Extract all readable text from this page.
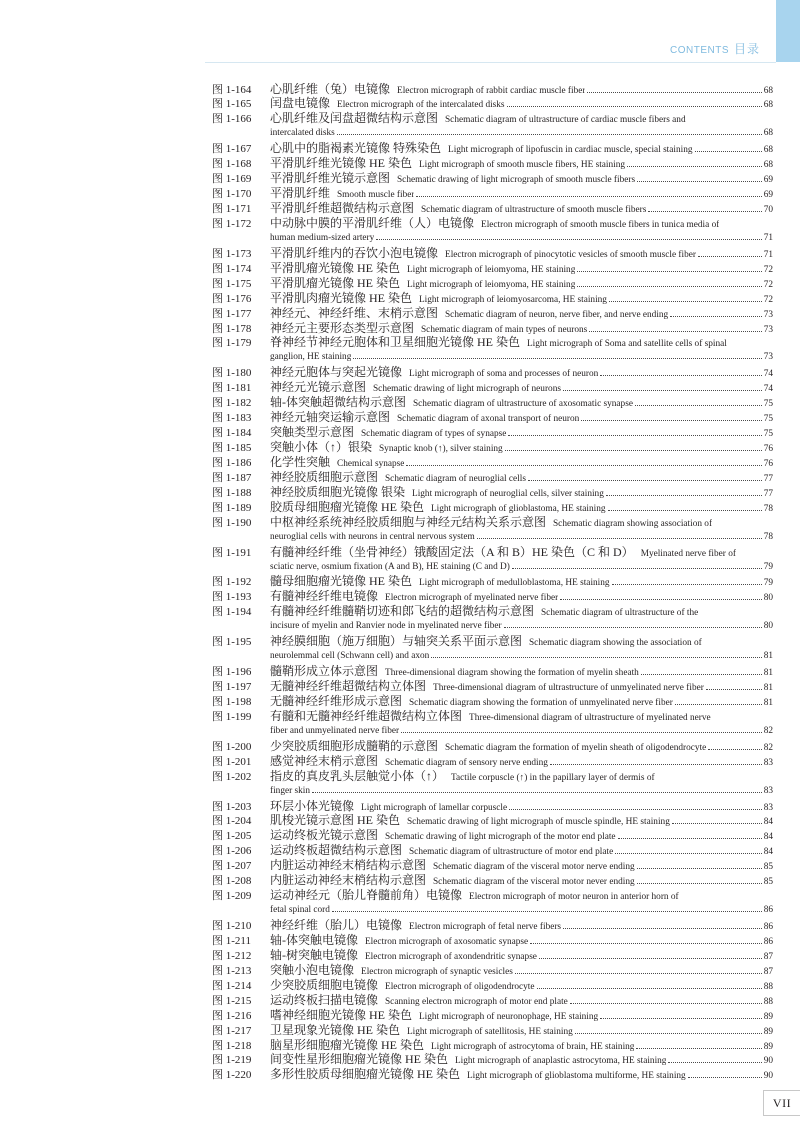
CONTENTS 目录
图 1-164	心肌纤维（兔）电镜像 Electron micrograph of rabbit cardiac muscle fiber	68
图 1-165	闰盘电镜像 Electron micrograph of the intercalated disks	68
图 1-166	心肌纤维及闰盘超微结构示意图 Schematic diagram of ultrastructure of cardiac muscle fibers and
intercalated disks	68
图 1-167	心肌中的脂褐素光镜像 特殊染色 Light micrograph of lipofuscin in cardiac muscle, special staining	68
图 1-168	平滑肌纤维光镜像 HE 染色 Light micrograph of smooth muscle fibers, HE staining	68
图 1-169	平滑肌纤维光镜示意图 Schematic drawing of light micrograph of smooth muscle fibers	69
图 1-170	平滑肌纤维 Smooth muscle fiber	69
图 1-171	平滑肌纤维超微结构示意图 Schematic diagram of ultrastructure of smooth muscle fibers	70
图 1-172	中动脉中膜的平滑肌纤维（人）电镜像 Electron micrograph of smooth muscle fibers in tunica media of
human medium-sized artery	71
图 1-173	平滑肌纤维内的吞饮小泡电镜像 Electron micrograph of pinocytotic vesicles of smooth muscle fiber	71
图 1-174	平滑肌瘤光镜像 HE 染色 Light micrograph of leiomyoma, HE staining	72
图 1-175	平滑肌瘤光镜像 HE 染色 Light micrograph of leiomyoma, HE staining	72
图 1-176	平滑肌肉瘤光镜像 HE 染色 Light micrograph of leiomyosarcoma, HE staining	72
图 1-177	神经元、神经纤维、末梢示意图 Schematic diagram of neuron, nerve fiber, and nerve ending	73
图 1-178	神经元主要形态类型示意图 Schematic diagram of main types of neurons	73
图 1-179	脊神经节神经元胞体和卫星细胞光镜像 HE 染色 Light micrograph of Soma and satellite cells of spinal
ganglion, HE staining	73
图 1-180	神经元胞体与突起光镜像 Light micrograph of soma and processes of neuron	74
图 1-181	神经元光镜示意图 Schematic drawing of light micrograph of neurons	74
图 1-182	轴-体突触超微结构示意图 Schematic diagram of ultrastructure of axosomatic synapse	75
图 1-183	神经元轴突运输示意图 Schematic diagram of axonal transport of neuron	75
图 1-184	突触类型示意图 Schematic diagram of types of synapse	75
图 1-185	突触小体（↑）银染 Synaptic knob (↑), silver staining	76
图 1-186	化学性突触 Chemical synapse	76
图 1-187	神经胶质细胞示意图 Schematic diagram of neuroglial cells	77
图 1-188	神经胶质细胞光镜像 银染 Light micrograph of neuroglial cells, silver staining	77
图 1-189	胶质母细胞瘤光镜像 HE 染色 Light micrograph of glioblastoma, HE staining	78
图 1-190	中枢神经系统神经胶质细胞与神经元结构关系示意图 Schematic diagram showing association of
neuroglial cells with neurons in central nervous system	78
图 1-191	有髓神经纤维（坐骨神经）锇酸固定法（A 和 B）HE 染色（C 和 D） Myelinated nerve fiber of
sciatic nerve, osmium fixation (A and B), HE staining (C and D)	79
图 1-192	髓母细胞瘤光镜像 HE 染色 Light micrograph of medulloblastoma, HE staining	79
图 1-193	有髓神经纤维电镜像 Electron micrograph of myelinated nerve fiber	80
图 1-194	有髓神经纤维髓鞘切迹和郎飞结的超微结构示意图 Schematic diagram of ultrastructure of the
incisure of myelin and Ranvier node in myelinated nerve fiber	80
图 1-195	神经膜细胞（施万细胞）与轴突关系平面示意图 Schematic diagram showing the association of
neurolemmal cell (Schwann cell) and axon	81
图 1-196	髓鞘形成立体示意图 Three-dimensional diagram showing the formation of myelin sheath	81
图 1-197	无髓神经纤维超微结构立体图 Three-dimensional diagram of ultrastructure of unmyelinated nerve fiber	81
图 1-198	无髓神经纤维形成示意图 Schematic diagram showing the formation of unmyelinated nerve fiber	81
图 1-199	有髓和无髓神经纤维超微结构立体图 Three-dimensional diagram of ultrastructure of myelinated nerve
fiber and unmyelinated nerve fiber	82
图 1-200	少突胶质细胞形成髓鞘的示意图 Schematic diagram the formation of myelin sheath of oligodendrocyte	82
图 1-201	感觉神经末梢示意图 Schematic diagram of sensory nerve ending	83
图 1-202	指皮的真皮乳头层触觉小体（↑） Tactile corpuscle (↑) in the papillary layer of dermis of
finger skin	83
图 1-203	环层小体光镜像 Light micrograph of lamellar corpuscle	83
图 1-204	肌梭光镜示意图 HE 染色 Schematic drawing of light micrograph of muscle spindle, HE staining	84
图 1-205	运动终板光镜示意图 Schematic drawing of light micrograph of the motor end plate	84
图 1-206	运动终板超微结构示意图 Schematic diagram of ultrastructure of motor end plate	84
图 1-207	内脏运动神经末梢结构示意图 Schematic diagram of the visceral motor nerve ending	85
图 1-208	内脏运动神经末梢结构示意图 Schematic diagram of the visceral motor never ending	85
图 1-209	运动神经元（胎儿脊髓前角）电镜像 Electron micrograph of motor neuron in anterior horn of
fetal spinal cord	86
图 1-210	神经纤维（胎儿）电镜像 Electron micrograph of fetal nerve fibers	86
图 1-211	轴-体突触电镜像 Electron micrograph of axosomatic synapse	86
图 1-212	轴-树突触电镜像 Electron micrograph of axondendritic synapse	87
图 1-213	突触小泡电镜像 Electron micrograph of synaptic vesicles	87
图 1-214	少突胶质细胞电镜像 Electron micrograph of oligodendrocyte	88
图 1-215	运动终板扫描电镜像 Scanning electron micrograph of motor end plate	88
图 1-216	嗜神经细胞光镜像 HE 染色 Light micrograph of neuronophage, HE staining	89
图 1-217	卫星现象光镜像 HE 染色 Light micrograph of satellitosis, HE staining	89
图 1-218	脑星形细胞瘤光镜像 HE 染色 Light micrograph of astrocytoma of brain, HE staining	89
图 1-219	间变性星形细胞瘤光镜像 HE 染色 Light micrograph of anaplastic astrocytoma, HE staining	90
图 1-220	多形性胶质母细胞瘤光镜像 HE 染色 Light micrograph of glioblastoma multiforme, HE staining	90
VII
